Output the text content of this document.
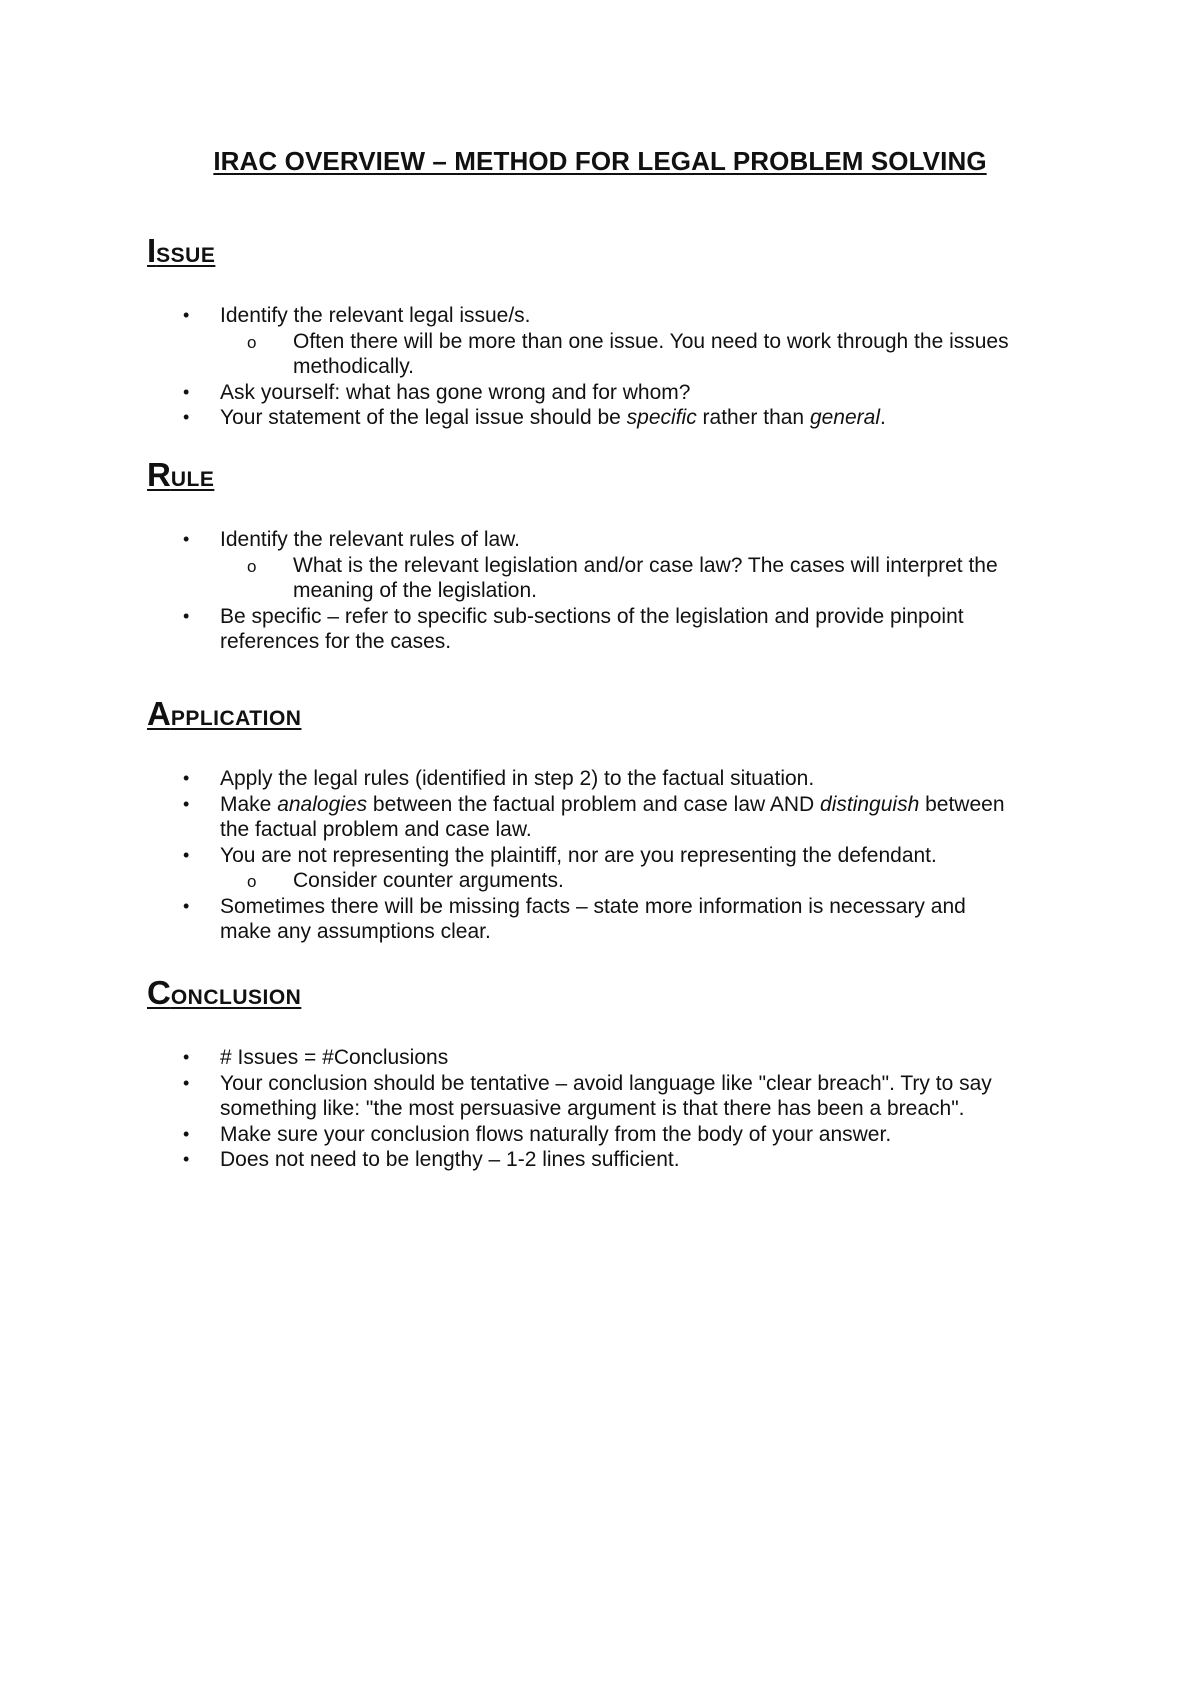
IRAC OVERVIEW – METHOD FOR LEGAL PROBLEM SOLVING
ISSUE
• Identify the relevant legal issue/s.
o Often there will be more than one issue. You need to work through the issues
methodically.
• Ask yourself: what has gone wrong and for whom?
• Your statement of the legal issue should be specific rather than general.
RULE
• Identify the relevant rules of law.
o What is the relevant legislation and/or case law? The cases will interpret the
meaning of the legislation.
• Be specific – refer to specific sub-sections of the legislation and provide pinpoint
references for the cases.
APPLICATION
• Apply the legal rules (identified in step 2) to the factual situation.
• Make analogies between the factual problem and case law AND distinguish between
the factual problem and case law.
• You are not representing the plaintiff, nor are you representing the defendant.
o Consider counter arguments.
• Sometimes there will be missing facts – state more information is necessary and
make any assumptions clear.
CONCLUSION
• # Issues = #Conclusions
• Your conclusion should be tentative – avoid language like "clear breach". Try to say
something like: "the most persuasive argument is that there has been a breach".
• Make sure your conclusion flows naturally from the body of your answer.
• Does not need to be lengthy – 1-2 lines sufficient.
